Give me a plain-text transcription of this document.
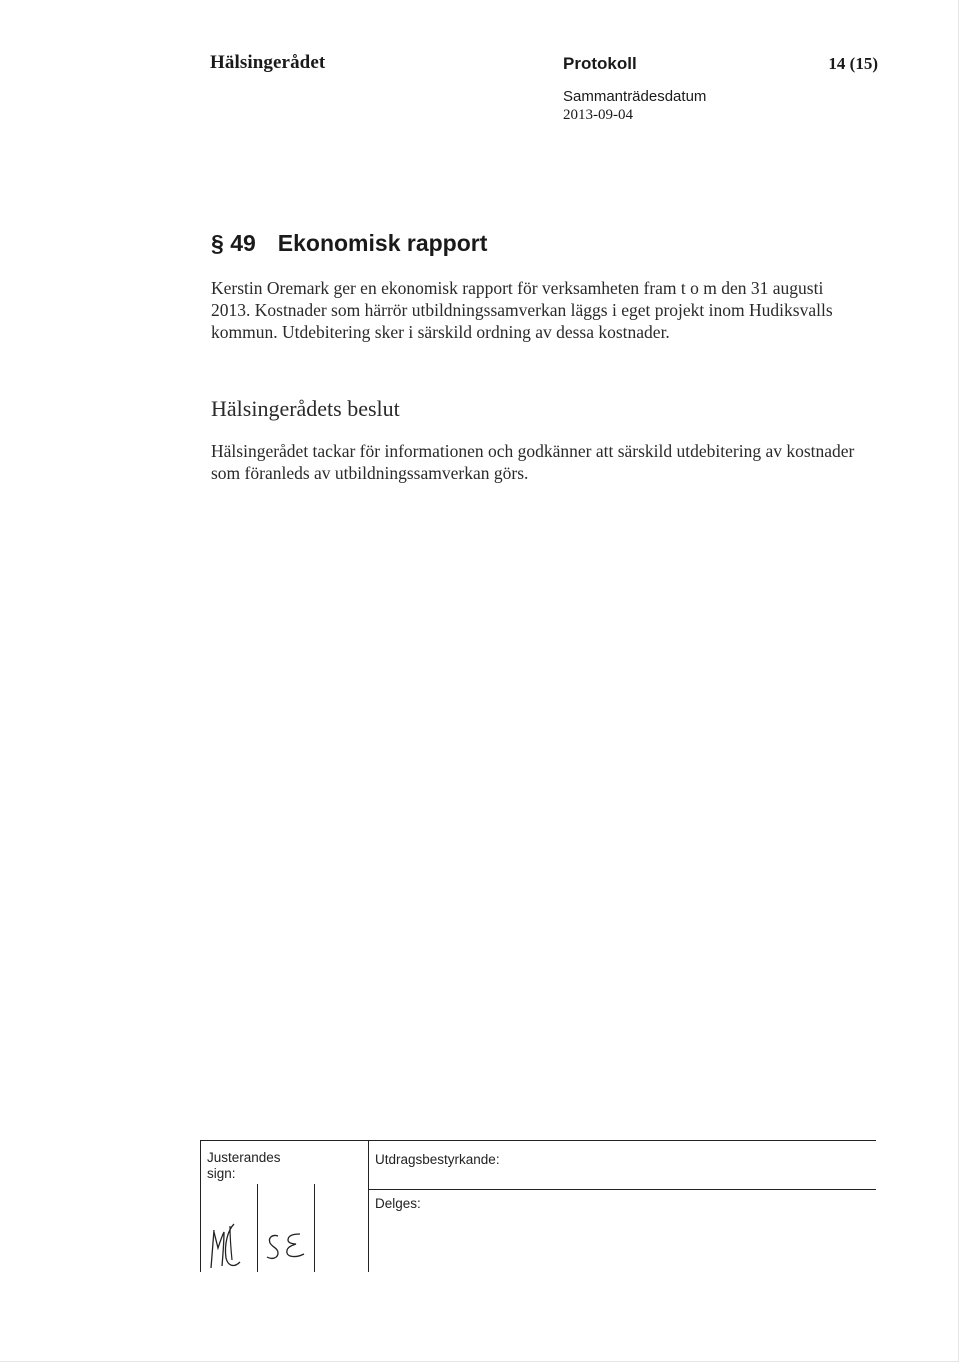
Hälsingerådet	Protokoll	14 (15)
Sammanträdesdatum
2013-09-04
§ 49 Ekonomisk rapport
Kerstin Oremark ger en ekonomisk rapport för verksamheten fram t o m den 31 augusti 2013. Kostnader som härrör utbildningssamverkan läggs i eget projekt inom Hudiksvalls kommun. Utdebitering sker i särskild ordning av dessa kostnader.
Hälsingerådets beslut
Hälsingerådet tackar för informationen och godkänner att särskild utdebitering av kostnader som föranleds av utbildningssamverkan görs.
Justerandes
sign:
Utdragsbestyrkande:
Delges:
